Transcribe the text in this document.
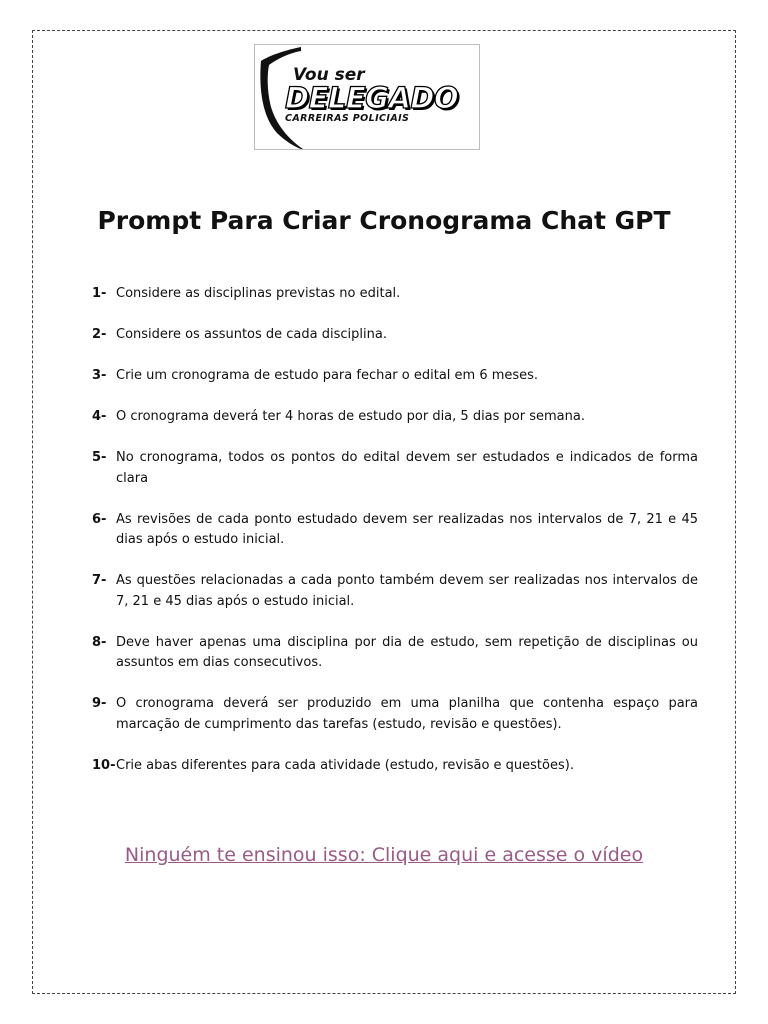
Vou ser
DELEGADO
CARREIRAS POLICIAIS
Prompt Para Criar Cronograma Chat GPT
1- Considere as disciplinas previstas no edital.
2- Considere os assuntos de cada disciplina.
3- Crie um cronograma de estudo para fechar o edital em 6 meses.
4- O cronograma deverá ter 4 horas de estudo por dia, 5 dias por semana.
5- No cronograma, todos os pontos do edital devem ser estudados e indicados de forma clara
6- As revisões de cada ponto estudado devem ser realizadas nos intervalos de 7, 21 e 45 dias após o estudo inicial.
7- As questões relacionadas a cada ponto também devem ser realizadas nos intervalos de 7, 21 e 45 dias após o estudo inicial.
8- Deve haver apenas uma disciplina por dia de estudo, sem repetição de disciplinas ou assuntos em dias consecutivos.
9- O cronograma deverá ser produzido em uma planilha que contenha espaço para marcação de cumprimento das tarefas (estudo, revisão e questões).
10- Crie abas diferentes para cada atividade (estudo, revisão e questões).
Ninguém te ensinou isso: Clique aqui e acesse o vídeo
